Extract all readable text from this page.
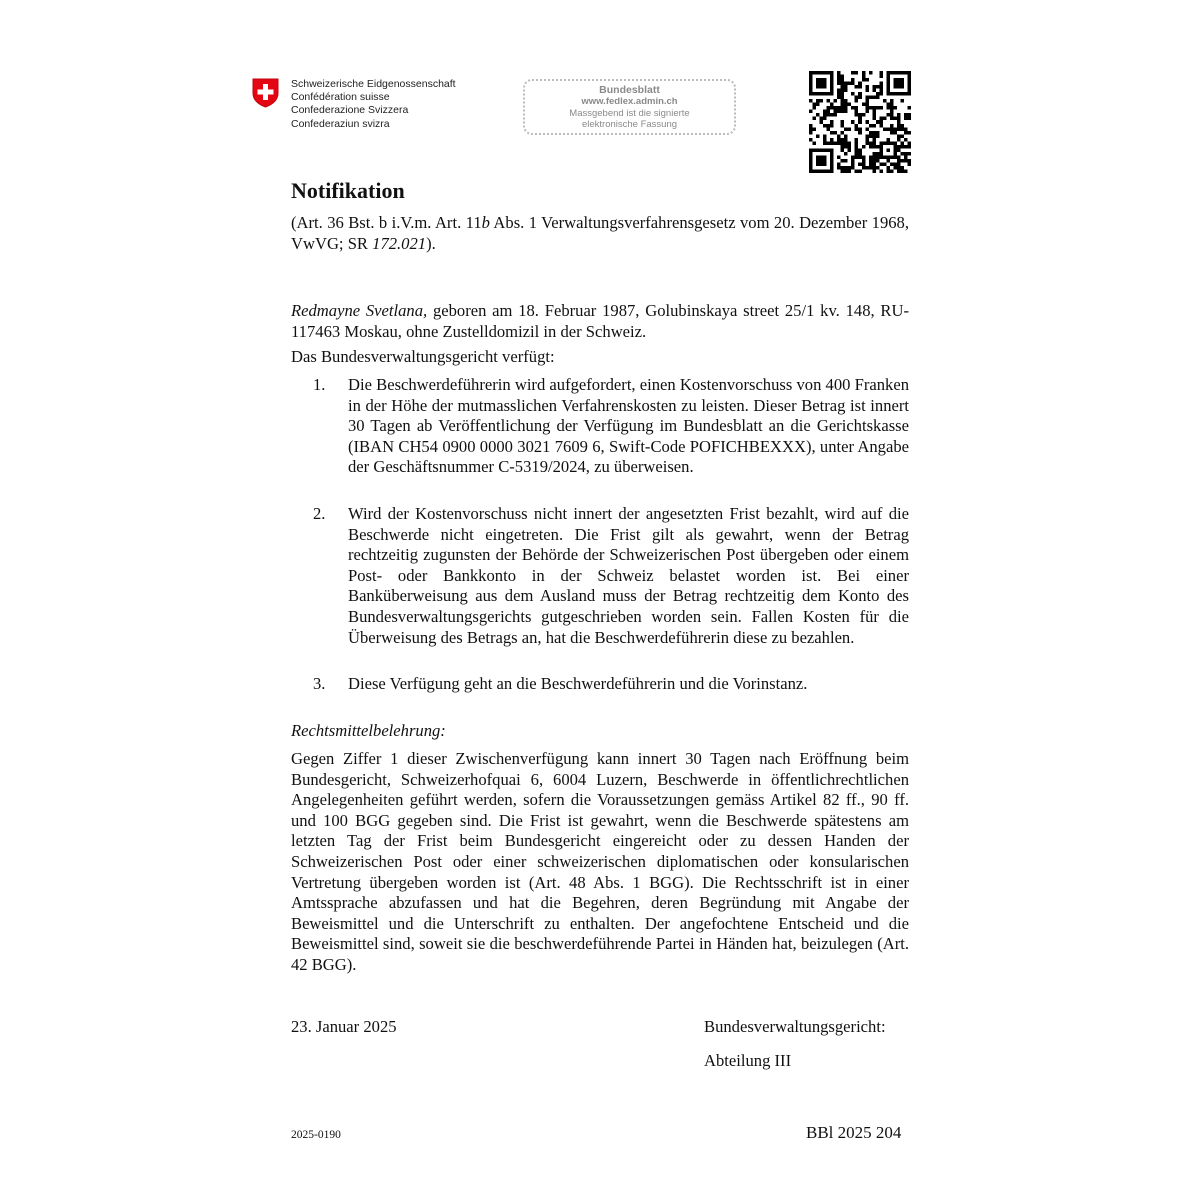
Schweizerische Eidgenossenschaft
Confédération suisse
Confederazione Svizzera
Confederaziun svizra
Bundesblatt
www.fedlex.admin.ch
Massgebend ist die signierte
elektronische Fassung
Notifikation
(Art. 36 Bst. b i.V.m. Art. 11b Abs. 1 Verwaltungsverfahrensgesetz vom 20. Dezember 1968, VwVG; SR 172.021).
Redmayne Svetlana, geboren am 18. Februar 1987, Golubinskaya street 25/1 kv. 148, RU-117463 Moskau, ohne Zustelldomizil in der Schweiz.
Das Bundesverwaltungsgericht verfügt:
1. Die Beschwerdeführerin wird aufgefordert, einen Kostenvorschuss von 400 Franken in der Höhe der mutmasslichen Verfahrenskosten zu leisten. Dieser Betrag ist innert 30 Tagen ab Veröffentlichung der Verfügung im Bundesblatt an die Gerichtskasse (IBAN CH54 0900 0000 3021 7609 6, Swift-Code POFICHBEXXX), unter Angabe der Geschäftsnummer C-5319/2024, zu überweisen.
2. Wird der Kostenvorschuss nicht innert der angesetzten Frist bezahlt, wird auf die Beschwerde nicht eingetreten. Die Frist gilt als gewahrt, wenn der Betrag rechtzeitig zugunsten der Behörde der Schweizerischen Post übergeben oder einem Post- oder Bankkonto in der Schweiz belastet worden ist. Bei einer Banküberweisung aus dem Ausland muss der Betrag rechtzeitig dem Konto des Bundesverwaltungsgerichts gutgeschrieben worden sein. Fallen Kosten für die Überweisung des Betrags an, hat die Beschwerdeführerin diese zu bezahlen.
3. Diese Verfügung geht an die Beschwerdeführerin und die Vorinstanz.
Rechtsmittelbelehrung:
Gegen Ziffer 1 dieser Zwischenverfügung kann innert 30 Tagen nach Eröffnung beim Bundesgericht, Schweizerhofquai 6, 6004 Luzern, Beschwerde in öffentlichrechtlichen Angelegenheiten geführt werden, sofern die Voraussetzungen gemäss Artikel 82 ff., 90 ff. und 100 BGG gegeben sind. Die Frist ist gewahrt, wenn die Beschwerde spätestens am letzten Tag der Frist beim Bundesgericht eingereicht oder zu dessen Handen der Schweizerischen Post oder einer schweizerischen diplomatischen oder konsularischen Vertretung übergeben worden ist (Art. 48 Abs. 1 BGG). Die Rechtsschrift ist in einer Amtssprache abzufassen und hat die Begehren, deren Begründung mit Angabe der Beweismittel und die Unterschrift zu enthalten. Der angefochtene Entscheid und die Beweismittel sind, soweit sie die beschwerdeführende Partei in Händen hat, beizulegen (Art. 42 BGG).
23. Januar 2025	Bundesverwaltungsgericht:
Abteilung III
2025-0190	BBl 2025 204
